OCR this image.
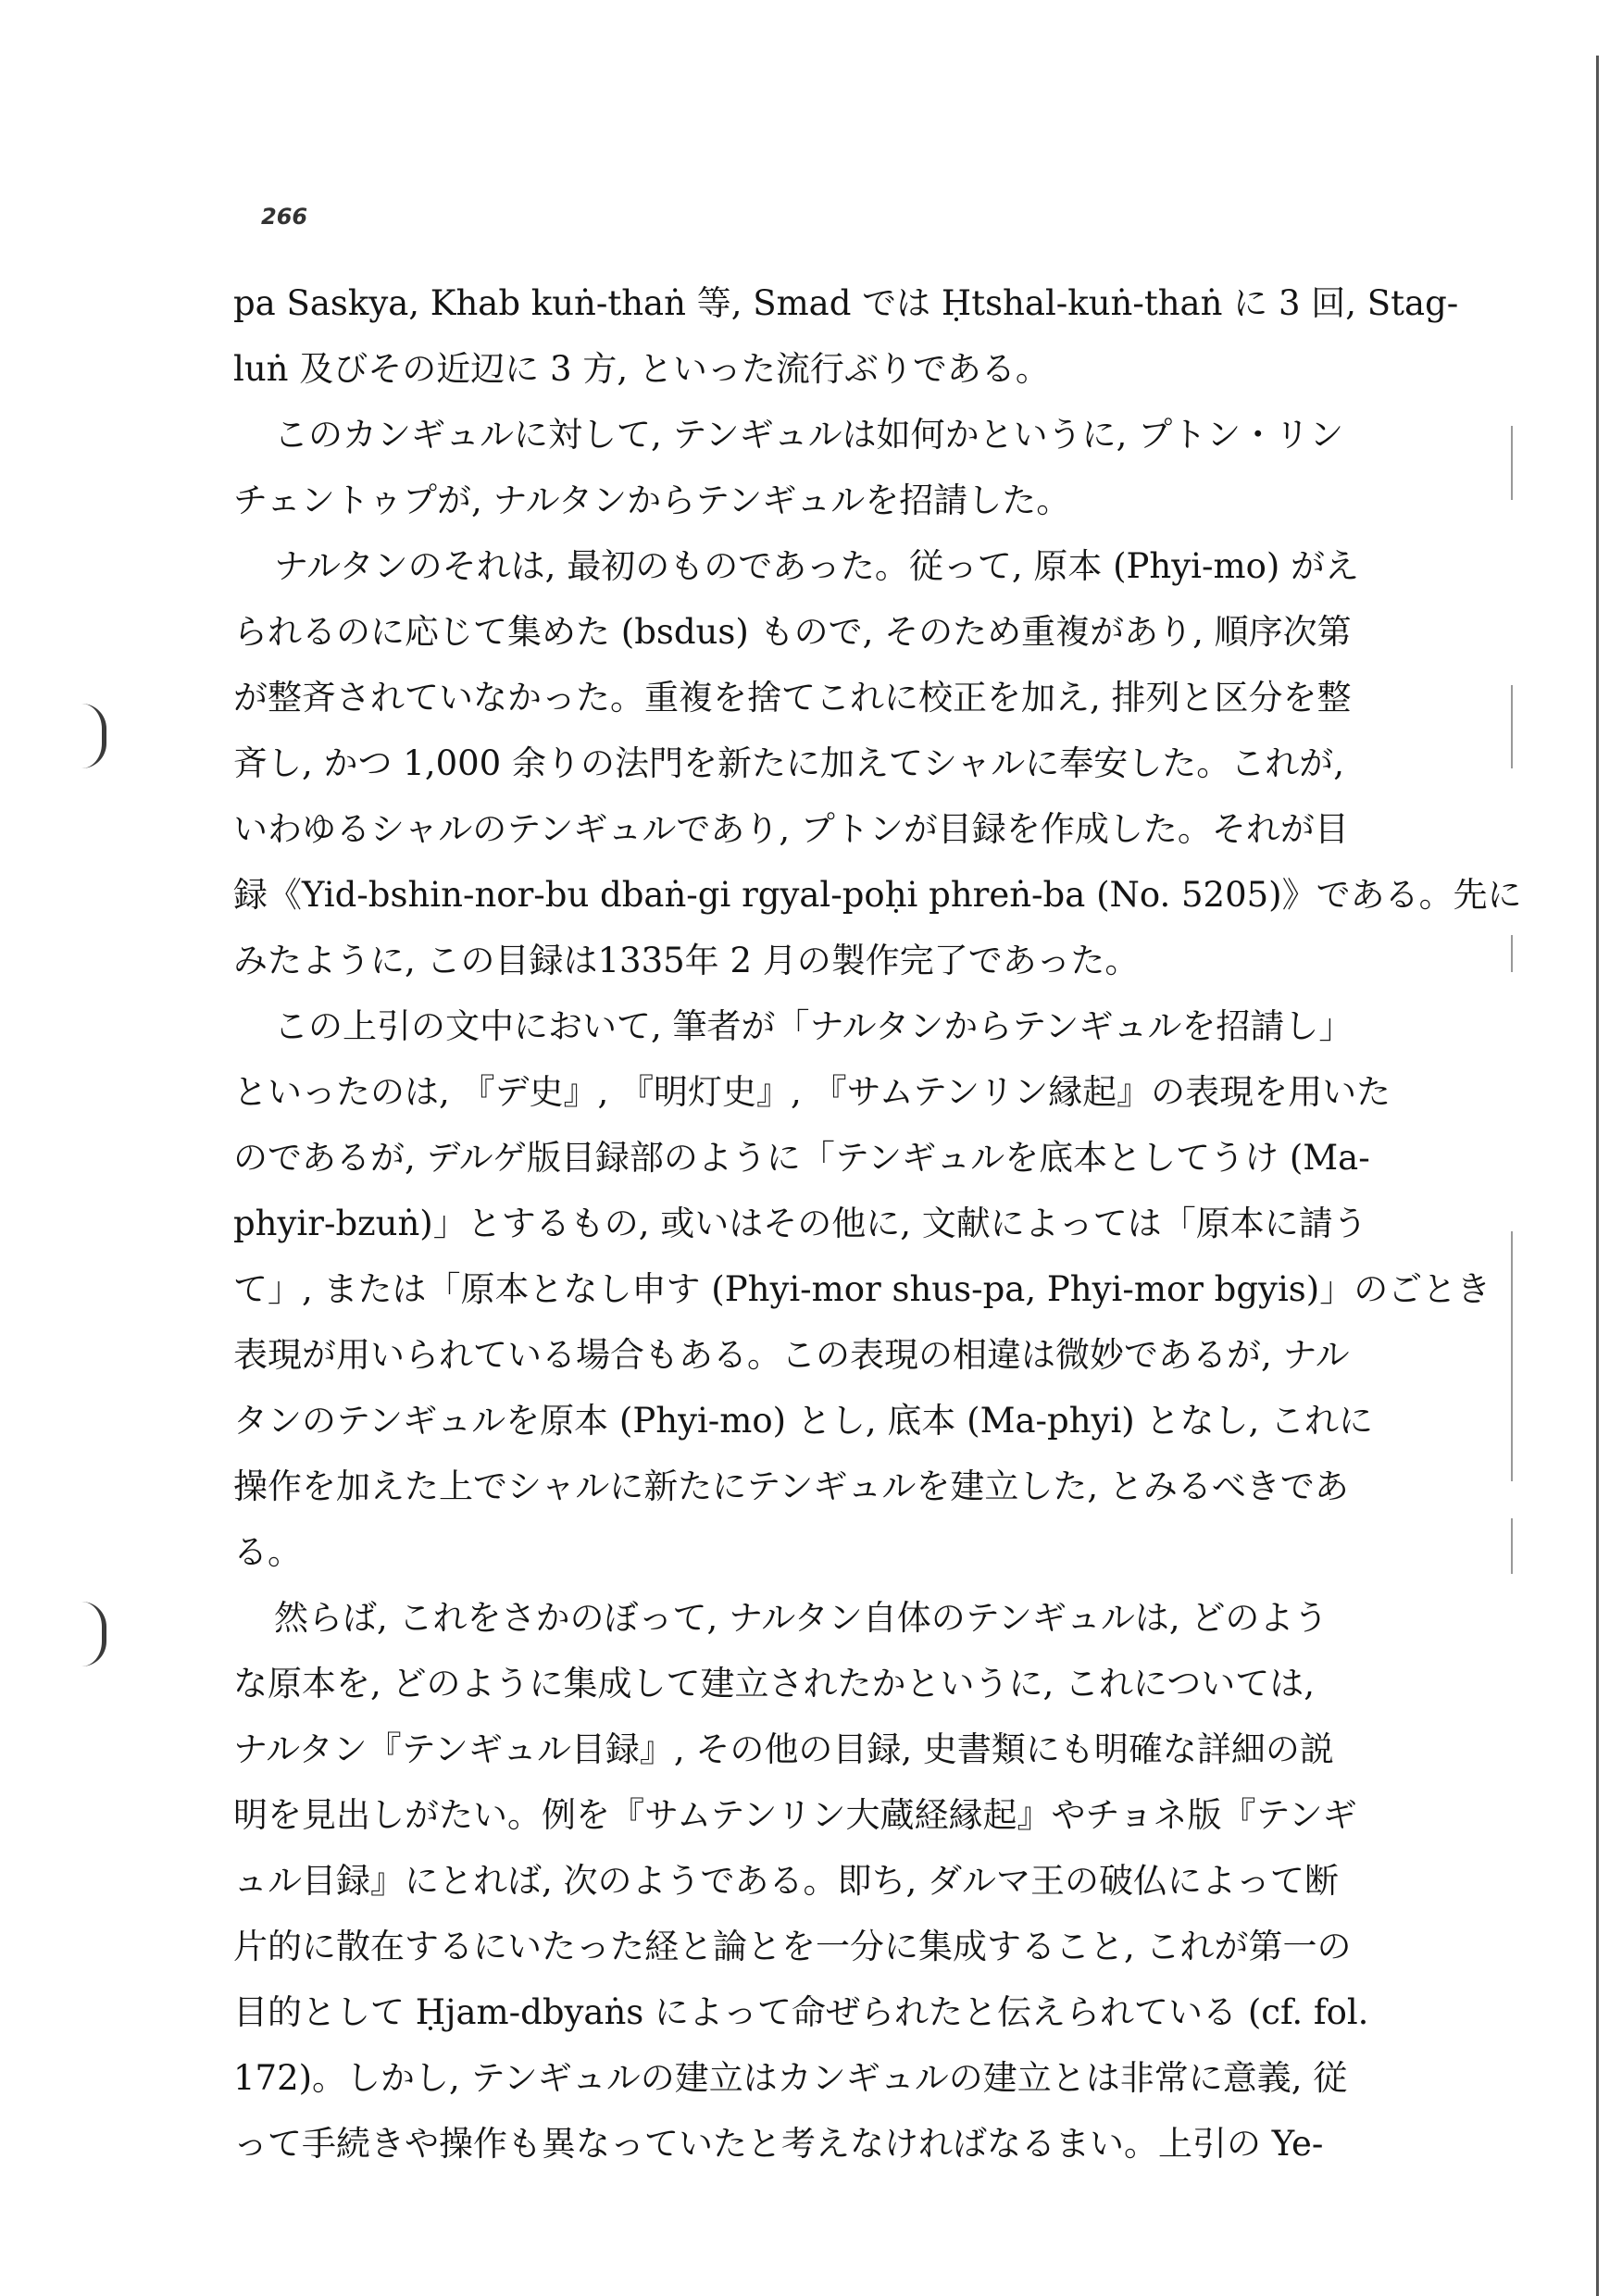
266
pa Saskya, Khab kuṅ-thaṅ 等, Smad では Ḥtshal-kuṅ-thaṅ に 3 回, Stag-
luṅ 及びその近辺に 3 方, といった流行ぶりである。
このカンギュルに対して, テンギュルは如何かというに, プトン・リン
チェントゥプが, ナルタンからテンギュルを招請した。
ナルタンのそれは, 最初のものであった。従って, 原本 (Phyi-mo) がえ
られるのに応じて集めた (bsdus) もので, そのため重複があり, 順序次第
が整斉されていなかった。重複を捨てこれに校正を加え, 排列と区分を整
斉し, かつ 1,000 余りの法門を新たに加えてシャルに奉安した。これが,
いわゆるシャルのテンギュルであり, プトンが目録を作成した。それが目
録《Yid-bshin-nor-bu dbaṅ-gi rgyal-poḥi phreṅ-ba (No. 5205)》である。先に
みたように, この目録は1335年 2 月の製作完了であった。
この上引の文中において, 筆者が「ナルタンからテンギュルを招請し」
といったのは, 『デ史』, 『明灯史』, 『サムテンリン縁起』の表現を用いた
のであるが, デルゲ版目録部のように「テンギュルを底本としてうけ (Ma-
phyir-bzuṅ)」とするもの, 或いはその他に, 文献によっては「原本に請う
て」, または「原本となし申す (Phyi-mor shus-pa, Phyi-mor bgyis)」のごとき
表現が用いられている場合もある。この表現の相違は微妙であるが, ナル
タンのテンギュルを原本 (Phyi-mo) とし, 底本 (Ma-phyi) となし, これに
操作を加えた上でシャルに新たにテンギュルを建立した, とみるべきであ
る。
然らば, これをさかのぼって, ナルタン自体のテンギュルは, どのよう
な原本を, どのように集成して建立されたかというに, これについては,
ナルタン『テンギュル目録』, その他の目録, 史書類にも明確な詳細の説
明を見出しがたい。例を『サムテンリン大蔵経縁起』やチョネ版『テンギ
ュル目録』にとれば, 次のようである。即ち, ダルマ王の破仏によって断
片的に散在するにいたった経と論とを一分に集成すること, これが第一の
目的として Ḥjam-dbyaṅs によって命ぜられたと伝えられている (cf. fol.
172)。しかし, テンギュルの建立はカンギュルの建立とは非常に意義, 従
って手続きや操作も異なっていたと考えなければなるまい。上引の Ye-
